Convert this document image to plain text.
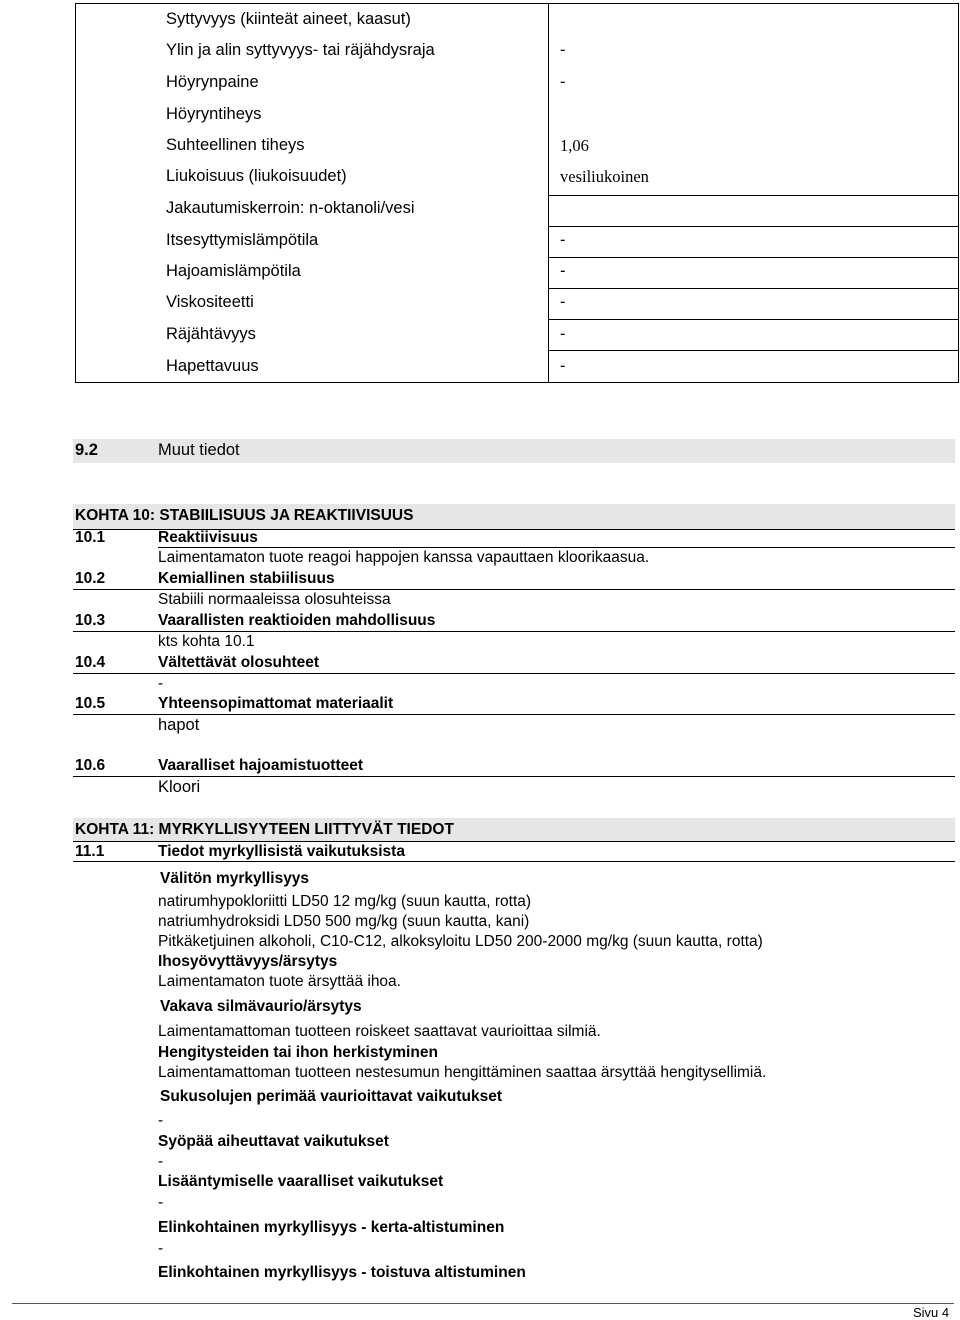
Syttyvyys (kiinteät aineet, kaasut)
Ylin ja alin syttyvyys- tai räjähdysraja	-
Höyrynpaine	-
Höyryntiheys
Suhteellinen tiheys	1,06
Liukoisuus (liukoisuudet)	vesiliukoinen
Jakautumiskerroin: n-oktanoli/vesi
Itsesyttymislämpötila	-
Hajoamislämpötila	-
Viskositeetti	-
Räjähtävyys	-
Hapettavuus	-
9.2	Muut tiedot
KOHTA 10: STABIILISUUS JA REAKTIIVISUUS
10.1	Reaktiivisuus
Laimentamaton tuote reagoi happojen kanssa vapauttaen kloorikaasua.
10.2	Kemiallinen stabiilisuus
Stabiili normaaleissa olosuhteissa
10.3	Vaarallisten reaktioiden mahdollisuus
kts kohta 10.1
10.4	Vältettävät olosuhteet
-
10.5	Yhteensopimattomat materiaalit
hapot
10.6	Vaaralliset hajoamistuotteet
Kloori
KOHTA 11: MYRKYLLISYYTEEN LIITTYVÄT TIEDOT
11.1	Tiedot myrkyllisistä vaikutuksista
Välitön myrkyllisyys
natirumhypokloriitti LD50 12 mg/kg (suun kautta, rotta)
natriumhydroksidi LD50 500 mg/kg (suun kautta, kani)
Pitkäketjuinen alkoholi, C10-C12, alkoksyloitu LD50 200-2000 mg/kg (suun kautta, rotta)
Ihosyövyttävyys/ärsytys
Laimentamaton tuote ärsyttää ihoa.
Vakava silmävaurio/ärsytys
Laimentamattoman tuotteen roiskeet saattavat vaurioittaa silmiä.
Hengitysteiden tai ihon herkistyminen
Laimentamattoman tuotteen nestesumun hengittäminen saattaa ärsyttää hengitysellimiä.
Sukusolujen perimää vaurioittavat vaikutukset
-
Syöpää aiheuttavat vaikutukset
-
Lisääntymiselle vaaralliset vaikutukset
-
Elinkohtainen myrkyllisyys - kerta-altistuminen
-
Elinkohtainen myrkyllisyys - toistuva altistuminen
Sivu 4
